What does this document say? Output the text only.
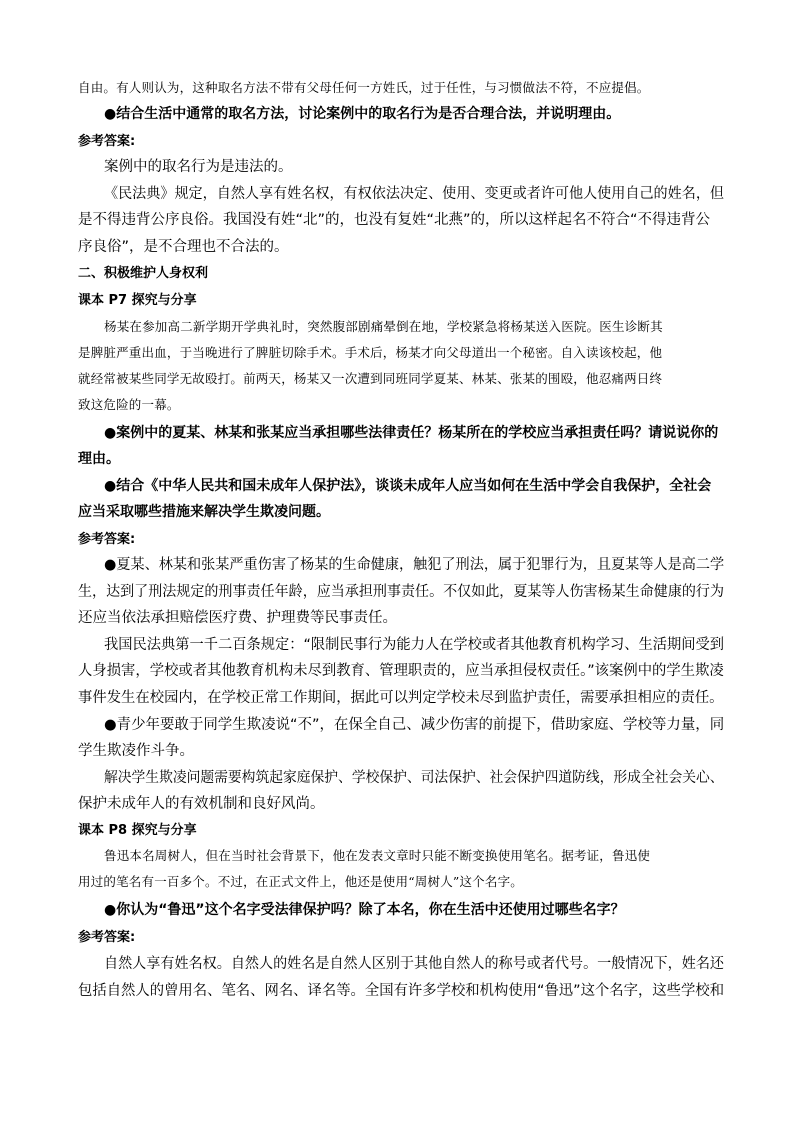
自由。有人则认为，这种取名方法不带有父母任何一方姓氏，过于任性，与习惯做法不符，不应提倡。

●结合生活中通常的取名方法，讨论案例中的取名行为是否合理合法，并说明理由。

参考答案:

案例中的取名行为是违法的。

《民法典》规定，自然人享有姓名权，有权依法决定、使用、变更或者许可他人使用自己的姓名，但

是不得违背公序良俗。我国没有姓“北”的，也没有复姓“北燕”的，所以这样起名不符合“不得违背公

序良俗”，是不合理也不合法的。

二、积极维护人身权利

课本 P7 探究与分享

杨某在参加高二新学期开学典礼时，突然腹部剧痛晕倒在地，学校紧急将杨某送入医院。医生诊断其

是脾脏严重出血，于当晚进行了脾脏切除手术。手术后，杨某才向父母道出一个秘密。自入读该校起，他

就经常被某些同学无故殴打。前两天，杨某又一次遭到同班同学夏某、林某、张某的围殴，他忍痛两日终

致这危险的一幕。

●案例中的夏某、林某和张某应当承担哪些法律责任？杨某所在的学校应当承担责任吗？请说说你的

理由。

●结合《中华人民共和国未成年人保护法》，谈谈未成年人应当如何在生活中学会自我保护，全社会

应当采取哪些措施来解决学生欺凌问题。

参考答案:

●夏某、林某和张某严重伤害了杨某的生命健康，触犯了刑法，属于犯罪行为，且夏某等人是高二学

生，达到了刑法规定的刑事责任年龄，应当承担刑事责任。不仅如此，夏某等人伤害杨某生命健康的行为

还应当依法承担赔偿医疗费、护理费等民事责任。

我国民法典第一千二百条规定：“限制民事行为能力人在学校或者其他教育机构学习、生活期间受到

人身损害，学校或者其他教育机构未尽到教育、管理职责的，应当承担侵权责任。”该案例中的学生欺凌

事件发生在校园内，在学校正常工作期间，据此可以判定学校未尽到监护责任，需要承担相应的责任。

●青少年要敢于同学生欺凌说“不”，在保全自己、减少伤害的前提下，借助家庭、学校等力量，同

学生欺凌作斗争。

解决学生欺凌问题需要构筑起家庭保护、学校保护、司法保护、社会保护四道防线，形成全社会关心、

保护未成年人的有效机制和良好风尚。

课本 P8 探究与分享

鲁迅本名周树人，但在当时社会背景下，他在发表文章时只能不断变换使用笔名。据考证，鲁迅使

用过的笔名有一百多个。不过，在正式文件上，他还是使用“周树人”这个名字。

●你认为“鲁迅”这个名字受法律保护吗？除了本名，你在生活中还使用过哪些名字？

参考答案:

自然人享有姓名权。自然人的姓名是自然人区别于其他自然人的称号或者代号。一般情况下，姓名还

包括自然人的曾用名、笔名、网名、译名等。全国有许多学校和机构使用“鲁迅”这个名字，这些学校和
